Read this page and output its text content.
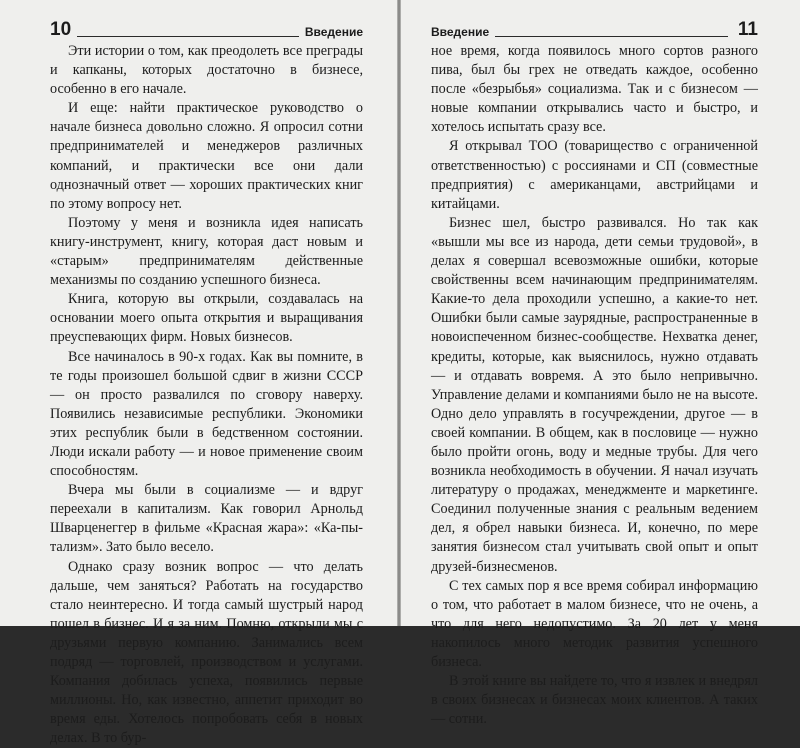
10	Введение

Эти истории о том, как преодолеть все преграды и капканы, которых достаточно в бизнесе, особенно в его начале.

И еще: найти практическое руководство о начале бизнеса довольно сложно. Я опросил сотни предпринимателей и менеджеров различных компаний, и практически все они дали однозначный ответ — хороших практических книг по этому вопросу нет.

Поэтому у меня и возникла идея написать книгу-инструмент, книгу, которая даст новым и «старым» предпринимателям действенные механизмы по созданию успешного бизнеса.

Книга, которую вы открыли, создавалась на основании моего опыта открытия и выращивания преуспевающих фирм. Новых бизнесов.

Все начиналось в 90-х годах. Как вы помните, в те годы произошел большой сдвиг в жизни СССР — он просто развалился по сговору наверху. Появились независимые республики. Экономики этих республик были в бедственном состоянии. Люди искали работу — и новое применение своим способностям.

Вчера мы были в социализме — и вдруг переехали в капитализм. Как говорил Арнольд Шварценеггер в фильме «Красная жара»: «Ка-пы-тализм». Зато было весело.

Однако сразу возник вопрос — что делать дальше, чем заняться? Работать на государство стало неинтересно. И тогда самый шустрый народ пошел в бизнес. И я за ним. Помню, открыли мы с друзьями первую компанию. Занимались всем подряд — торговлей, производством и услугами. Компания добилась успеха, появились первые миллионы. Но, как известно, аппетит приходит во время еды. Хотелось попробовать себя в новых делах. В то бур-

Введение	11

ное время, когда появилось много сортов разного пива, был бы грех не отведать каждое, особенно после «безрыбья» социализма. Так и с бизнесом — новые компании открывались часто и быстро, и хотелось испытать сразу все.

Я открывал ТОО (товарищество с ограниченной ответственностью) с россиянами и СП (совместные предприятия) с американцами, австрийцами и китайцами.

Бизнес шел, быстро развивался. Но так как «вышли мы все из народа, дети семьи трудовой», в делах я совершал всевозможные ошибки, которые свойственны всем начинающим предпринимателям. Какие-то дела проходили успешно, а какие-то нет. Ошибки были самые заурядные, распространенные в новоиспеченном бизнес-сообществе. Нехватка денег, кредиты, которые, как выяснилось, нужно отдавать — и отдавать вовремя. А это было непривычно. Управление делами и компаниями было не на высоте. Одно дело управлять в госучреждении, другое — в своей компании. В общем, как в пословице — нужно было пройти огонь, воду и медные трубы. Для чего возникла необходимость в обучении. Я начал изучать литературу о продажах, менеджменте и маркетинге. Соединил полученные знания с реальным ведением дел, я обрел навыки бизнеса. И, конечно, по мере занятия бизнесом стал учитывать свой опыт и опыт друзей-бизнесменов.

С тех самых пор я все время собирал информацию о том, что работает в малом бизнесе, что не очень, а что для него недопустимо. За 20 лет у меня накопилось много методик развития успешного бизнеса.

В этой книге вы найдете то, что я извлек и внедрял в своих бизнесах и бизнесах моих клиентов. А таких — сотни.
